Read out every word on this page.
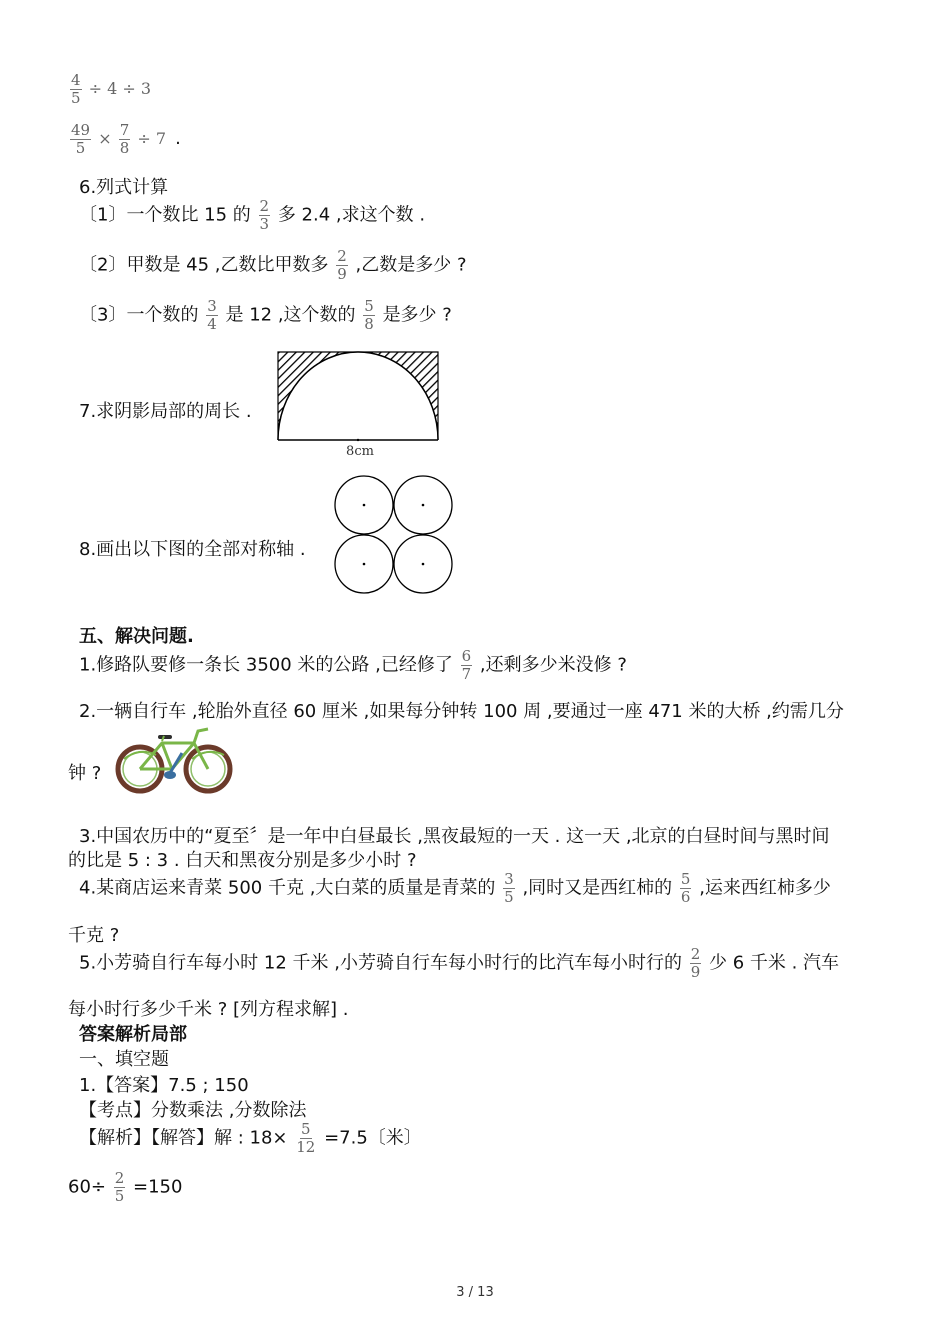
$\frac{4}{5} \div 4 \div 3$
$\frac{49}{5} \times \frac{7}{8} \div 7$ .
6.列式计算
〔1〕一个数比 15 的 $\frac{2}{3}$ 多 2.4 ,求这个数 .
〔2〕甲数是 45 ,乙数比甲数多 $\frac{2}{9}$ ,乙数是多少 ?
〔3〕一个数的 $\frac{3}{4}$ 是 12 ,这个数的 $\frac{5}{8}$ 是多少 ?
7.求阴影局部的周长 .
8cm
8.画出以下图的全部对称轴 .
五、解决问题.
1.修路队要修一条长 3500 米的公路 ,已经修了 $\frac{6}{7}$ ,还剩多少米没修 ?
2.一辆自行车 ,轮胎外直径 60 厘米 ,如果每分钟转 100 周 ,要通过一座 471 米的大桥 ,约需几分
钟 ?
3.中国农历中的“夏至〞是一年中白昼最长 ,黑夜最短的一天 . 这一天 ,北京的白昼时间与黑时间
的比是 5 : 3 . 白天和黑夜分别是多少小时 ?
4.某商店运来青菜 500 千克 ,大白菜的质量是青菜的 $\frac{3}{5}$ ,同时又是西红柿的 $\frac{5}{6}$ ,运来西红柿多少
千克 ?
5.小芳骑自行车每小时 12 千米 ,小芳骑自行车每小时行的比汽车每小时行的 $\frac{2}{9}$ 少 6 千米 . 汽车
每小时行多少千米 ? [列方程求解] .
答案解析局部
一、填空题
1.【答案】7.5 ; 150
【考点】分数乘法 ,分数除法
【解析】【解答】解 : $18\times \frac{5}{12} =7.5$〔米〕
$60\div \frac{2}{5} =150$
3 / 13
